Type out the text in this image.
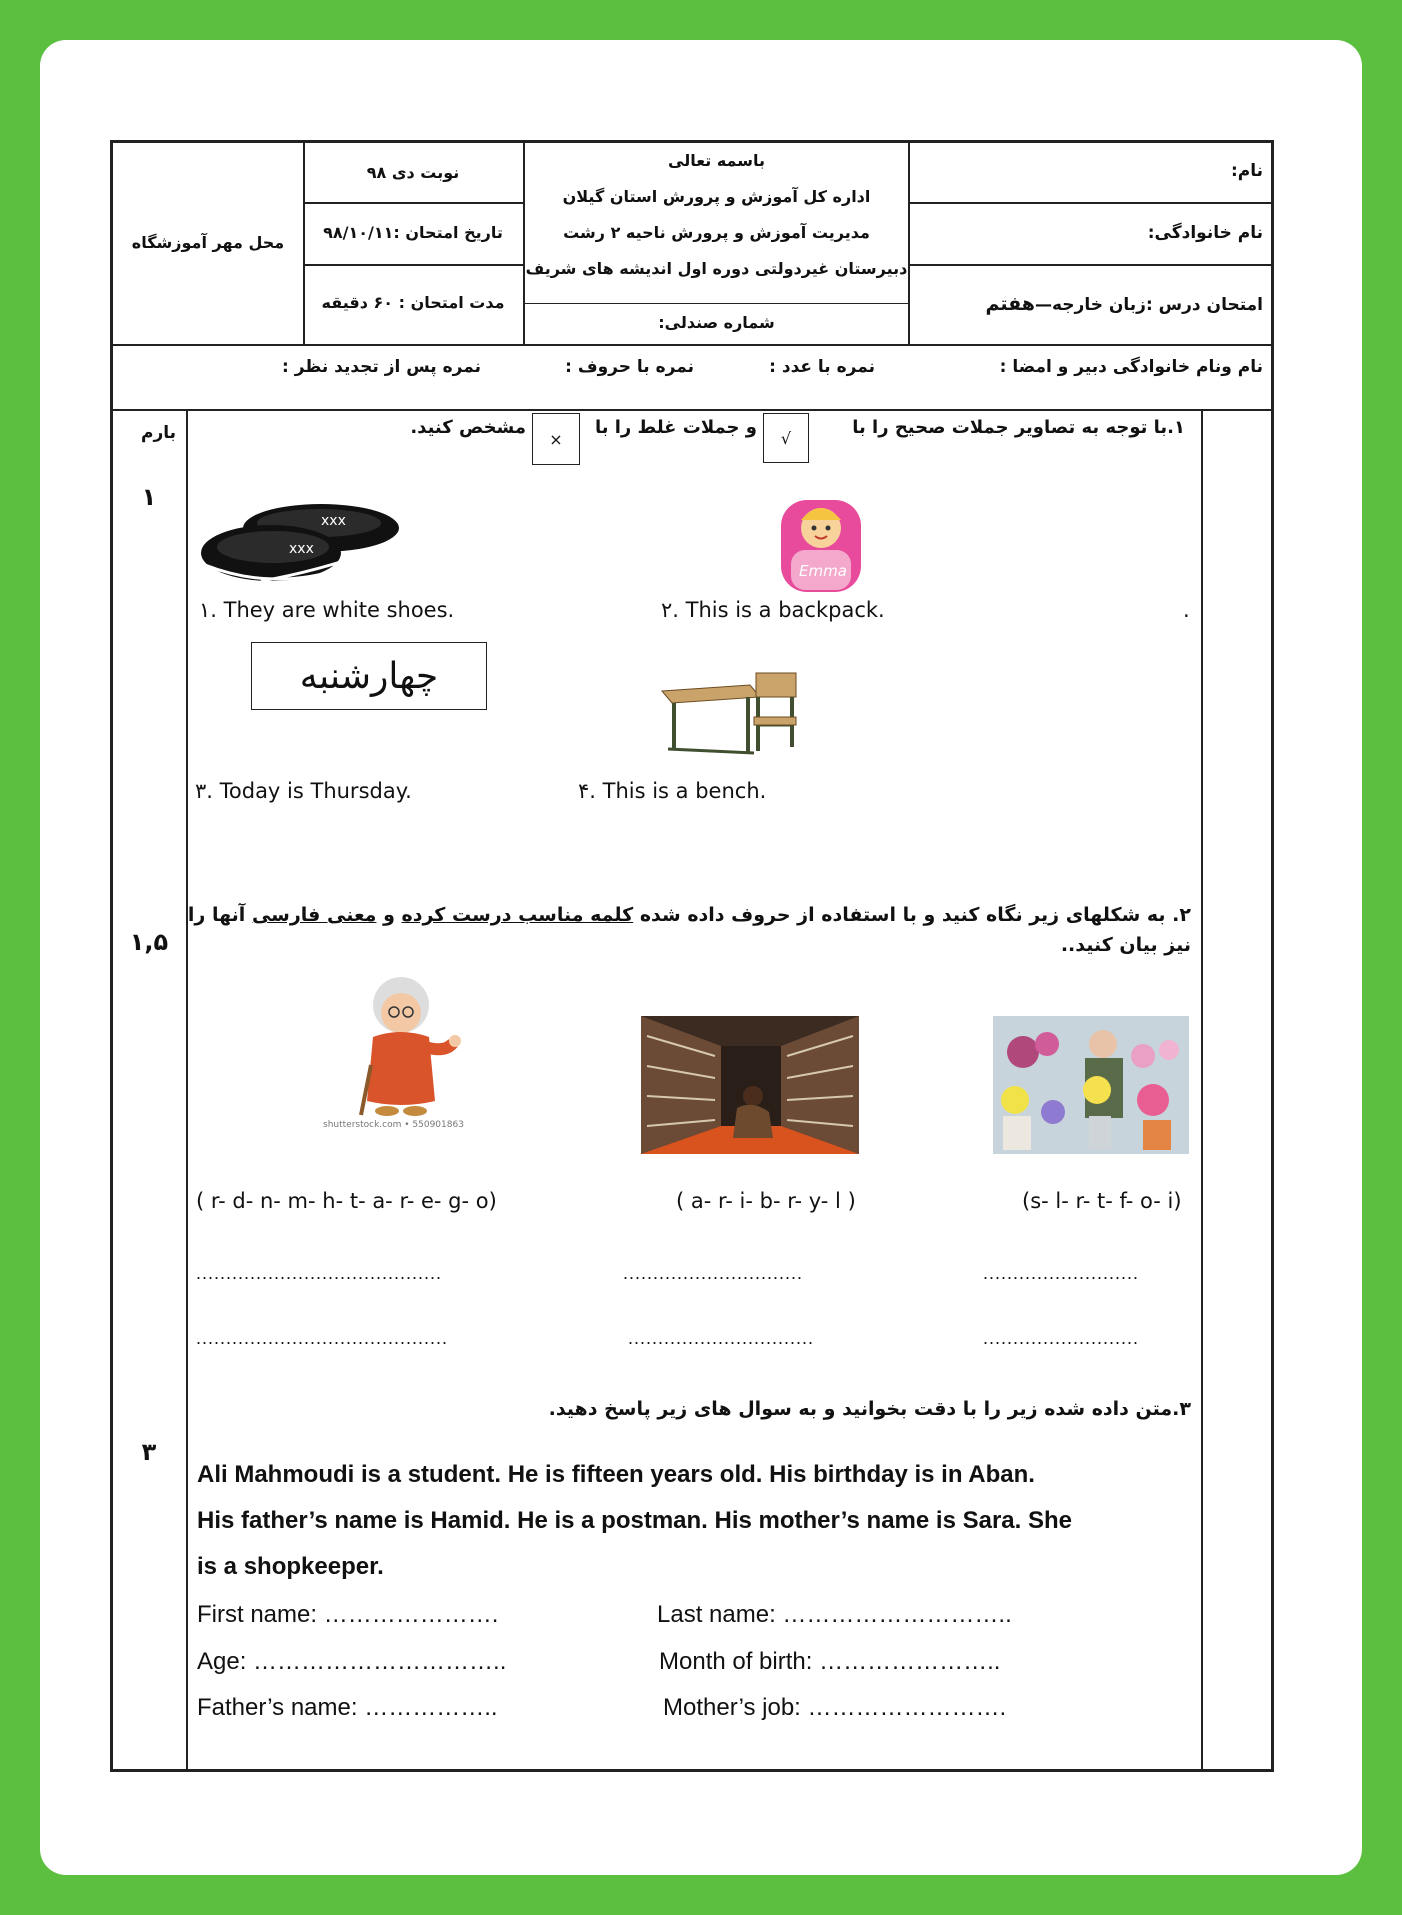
نام:
نام خانوادگی:
امتحان درس :زبان خارجه—هفتم
باسمه تعالی
اداره کل آموزش و پرورش استان گیلان
مدیریت آموزش و پرورش ناحیه ۲ رشت
دبیرستان غیردولتی دوره اول اندیشه های شریف
شماره صندلی:
نوبت دی ۹۸
تاریخ امتحان :۹۸/۱۰/۱۱
مدت امتحان : ۶۰ دقیقه
محل مهر آموزشگاه
نام ونام خانوادگی دبیر و امضا :
نمره با عدد :
نمره با حروف :
نمره پس از تجدید نظر :
بارم
۱
۱,۵
۳
۱.با توجه به تصاویر جملات صحیح را با
√
و جملات غلط را با
×
مشخص کنید.
xxx
xxx
Emma
۱. They are white shoes.	۲. This is a backpack.	.
چهارشنبه
۳. Today is Thursday.	۴. This is a bench.
۲. به شکلهای زیر نگاه کنید و با استفاده از حروف داده شده کلمه مناسب درست کرده و معنی فارسی آنها را
نیز بیان کنید..
shutterstock.com • 550901863
( r- d- n- m- h- t- a- r- e- g- o)	( a- r- i- b- r- y- l )	(s- l- r- t- f- o- i)
.........................................	..............................	..........................
..........................................	...............................	..........................
۳.متن داده شده زیر را با دقت بخوانید و به سوال های زیر پاسخ دهید.
Ali Mahmoudi is a student. He is fifteen years old. His birthday is in Aban.
His father’s name is Hamid. He is a postman. His mother’s name is Sara. She
is a shopkeeper.
First name: ………………….	Last name: ………………………..
Age: …………………………..	Month of birth: …………………..
Father’s name: ……………..	Mother’s job: …………………….
